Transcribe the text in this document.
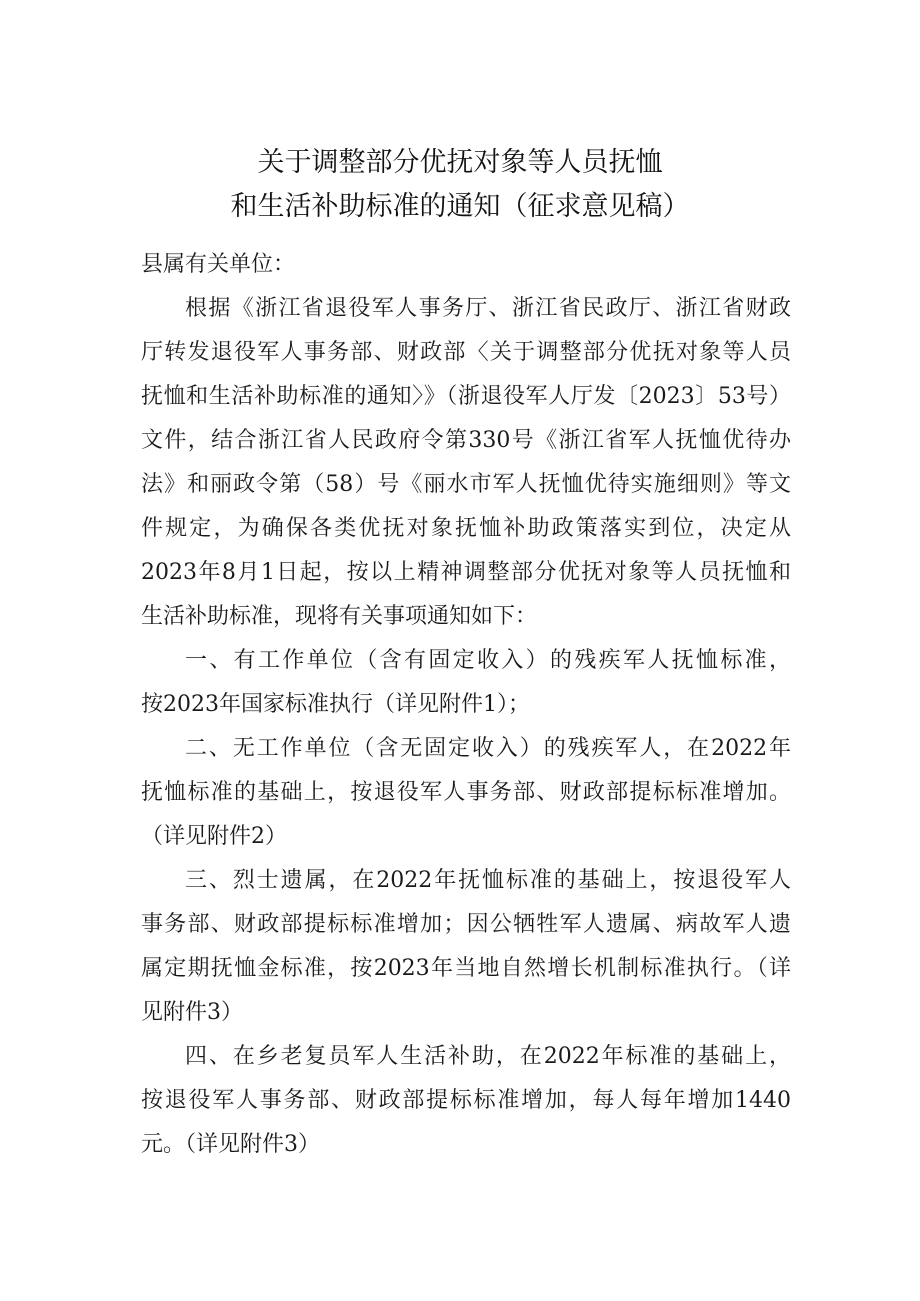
关于调整部分优抚对象等人员抚恤
和生活补助标准的通知（征求意见稿）

县属有关单位：

根据《浙江省退役军人事务厅、浙江省民政厅、浙江省财政

厅转发退役军人事务部、财政部〈关于调整部分优抚对象等人员

抚恤和生活补助标准的通知〉》（浙退役军人厅发〔2023〕53号）

文件，结合浙江省人民政府令第330号《浙江省军人抚恤优待办

法》和丽政令第（58）号《丽水市军人抚恤优待实施细则》等文

件规定，为确保各类优抚对象抚恤补助政策落实到位，决定从

2023年8月1日起，按以上精神调整部分优抚对象等人员抚恤和

生活补助标准，现将有关事项通知如下：

一、有工作单位（含有固定收入）的残疾军人抚恤标准，

按2023年国家标准执行（详见附件1）；

二、无工作单位（含无固定收入）的残疾军人，在2022年

抚恤标准的基础上，按退役军人事务部、财政部提标标准增加。

（详见附件2）

三、烈士遗属，在2022年抚恤标准的基础上，按退役军人

事务部、财政部提标标准增加；因公牺牲军人遗属、病故军人遗

属定期抚恤金标准，按2023年当地自然增长机制标准执行。（详

见附件3）

四、在乡老复员军人生活补助，在2022年标准的基础上，

按退役军人事务部、财政部提标标准增加，每人每年增加1440

元。（详见附件3）
